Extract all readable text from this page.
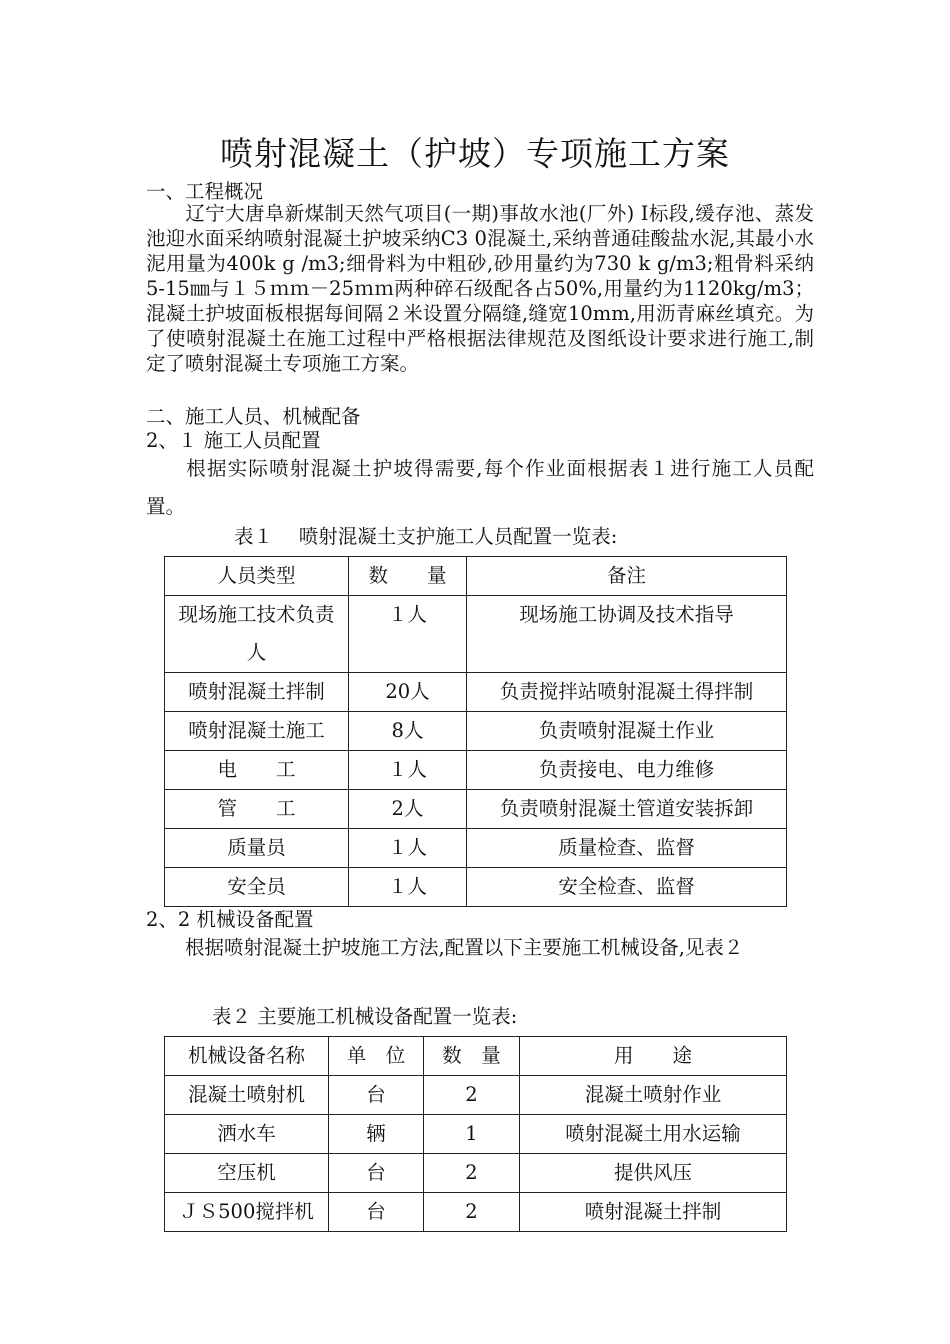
喷射混凝土（护坡）专项施工方案
一、工程概况
辽宁大唐阜新煤制天然气项目(一期)事故水池(厂外) Ⅰ标段,缓存池、蒸发池迎水面采纳喷射混凝土护坡采纳C3 0混凝土,采纳普通硅酸盐水泥,其最小水泥用量为400k g /m3;细骨料为中粗砂,砂用量约为730 k g/m3;粗骨料采纳5-15㎜与１５ｍｍ－25ｍｍ两种碎石级配各占50%,用量约为1120kg/m3；混凝土护坡面板根据每间隔２米设置分隔缝,缝宽10mm,用沥青麻丝填充。为了使喷射混凝土在施工过程中严格根据法律规范及图纸设计要求进行施工,制定了喷射混凝土专项施工方案。
二、施工人员、机械配备
2、１ 施工人员配置
根据实际喷射混凝土护坡得需要,每个作业面根据表１进行施工人员配置。
表１　 喷射混凝土支护施工人员配置一览表:
人员类型	数　　量	备注
现场施工技术负责人	１人	现场施工协调及技术指导
喷射混凝土拌制	20人	负责搅拌站喷射混凝土得拌制
喷射混凝土施工	8人	负责喷射混凝土作业
电　　工	１人	负责接电、电力维修
管　　工	2人	负责喷射混凝土管道安装拆卸
质量员	１人	质量检查、监督
安全员	１人	安全检查、监督
2、2 机械设备配置
根据喷射混凝土护坡施工方法,配置以下主要施工机械设备,见表２
表２ 主要施工机械设备配置一览表:
机械设备名称	单　位	数　量	用　　途
混凝土喷射机	台	2	混凝土喷射作业
洒水车	辆	1	喷射混凝土用水运输
空压机	台	2	提供风压
ＪＳ500搅拌机	台	2	喷射混凝土拌制
